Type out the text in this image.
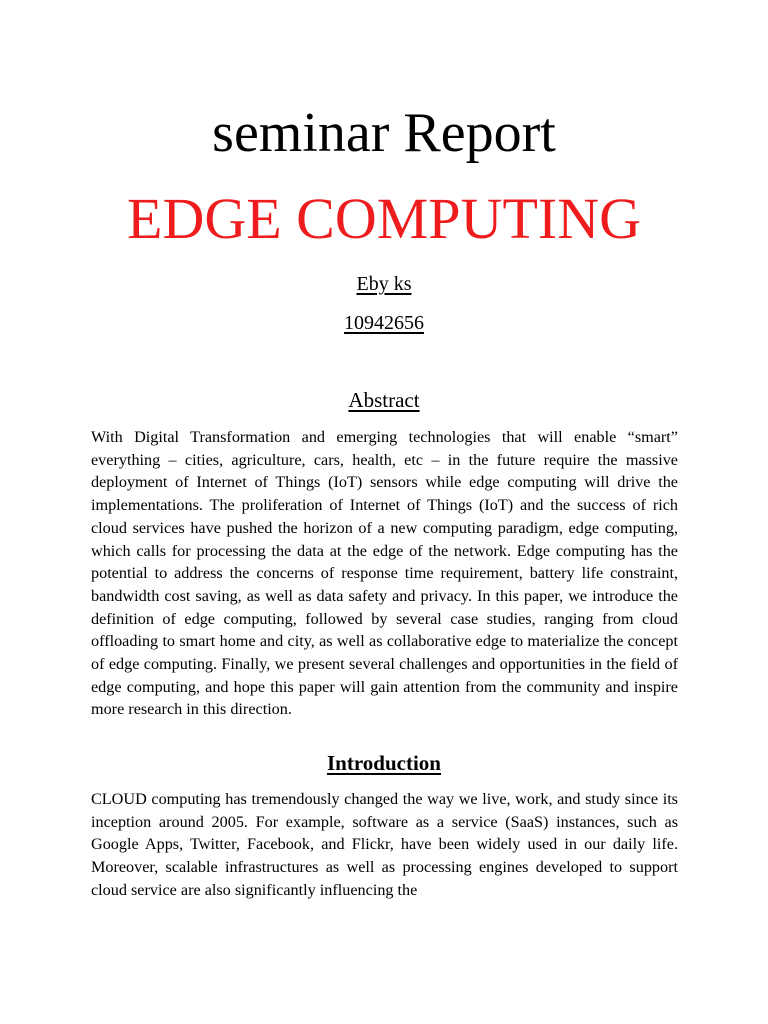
seminar Report
EDGE COMPUTING
Eby ks
10942656
Abstract

With Digital Transformation and emerging technologies that will enable “smart” everything – cities, agriculture, cars, health, etc – in the future require the massive deployment of Internet of Things (IoT) sensors while edge computing will drive the implementations. The proliferation of Internet of Things (IoT) and the success of rich cloud services have pushed the horizon of a new computing paradigm, edge computing, which calls for processing the data at the edge of the network. Edge computing has the potential to address the concerns of response time requirement, battery life constraint, bandwidth cost saving, as well as data safety and privacy. In this paper, we introduce the definition of edge computing, followed by several case studies, ranging from cloud offloading to smart home and city, as well as collaborative edge to materialize the concept of edge computing. Finally, we present several challenges and opportunities in the field of edge computing, and hope this paper will gain attention from the community and inspire more research in this direction.

Introduction

CLOUD computing has tremendously changed the way we live, work, and study since its inception around 2005. For example, software as a service (SaaS) instances, such as Google Apps, Twitter, Facebook, and Flickr, have been widely used in our daily life. Moreover, scalable infrastructures as well as processing engines developed to support cloud service are also significantly influencing the
